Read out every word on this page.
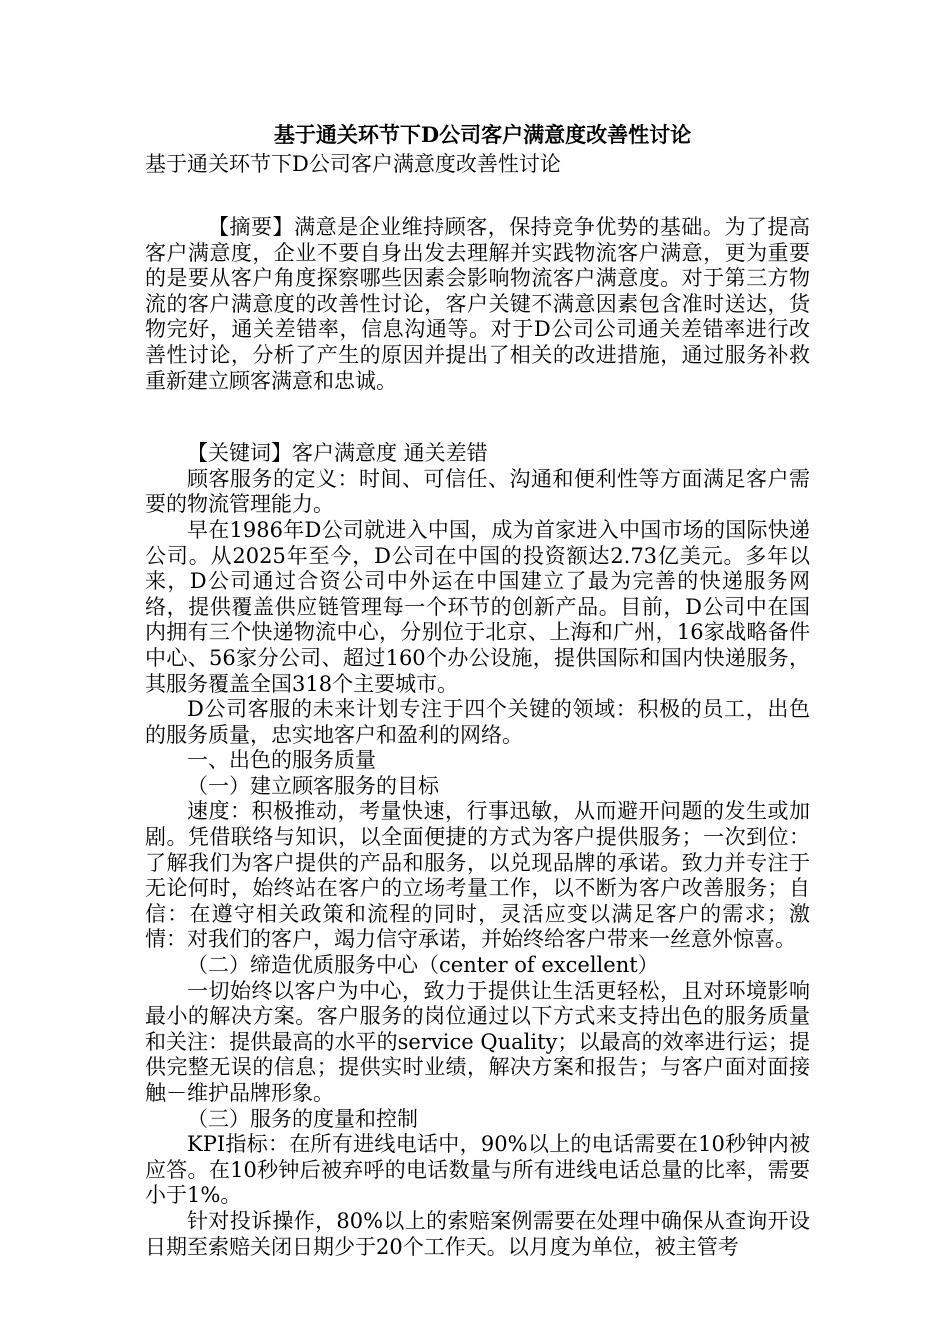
基于通关环节下D公司客户满意度改善性讨论

基于通关环节下D公司客户满意度改善性讨论

【摘要】满意是企业维持顾客，保持竞争优势的基础。为了提高客户满意度，企业不要自身出发去理解并实践物流客户满意，更为重要的是要从客户角度探察哪些因素会影响物流客户满意度。对于第三方物流的客户满意度的改善性讨论，客户关键不满意因素包含准时送达，货物完好，通关差错率，信息沟通等。对于D公司公司通关差错率进行改善性讨论，分析了产生的原因并提出了相关的改进措施，通过服务补救重新建立顾客满意和忠诚。

【关键词】客户满意度 通关差错

顾客服务的定义：时间、可信任、沟通和便利性等方面满足客户需要的物流管理能力。

早在1986年D公司就进入中国，成为首家进入中国市场的国际快递公司。从2025年至今，D公司在中国的投资额达2.73亿美元。多年以来，D公司通过合资公司中外运在中国建立了最为完善的快递服务网络，提供覆盖供应链管理每一个环节的创新产品。目前，D公司中在国内拥有三个快递物流中心，分别位于北京、上海和广州，16家战略备件中心、56家分公司、超过160个办公设施，提供国际和国内快递服务，其服务覆盖全国318个主要城市。

D公司客服的未来计划专注于四个关键的领域：积极的员工，出色的服务质量，忠实地客户和盈利的网络。

一、出色的服务质量

（一）建立顾客服务的目标

速度：积极推动，考量快速，行事迅敏，从而避开问题的发生或加剧。凭借联络与知识，以全面便捷的方式为客户提供服务；一次到位：了解我们为客户提供的产品和服务，以兑现品牌的承诺。致力并专注于无论何时，始终站在客户的立场考量工作，以不断为客户改善服务；自信：在遵守相关政策和流程的同时，灵活应变以满足客户的需求；激情：对我们的客户，竭力信守承诺，并始终给客户带来一丝意外惊喜。

（二）缔造优质服务中心（center of excellent）

一切始终以客户为中心，致力于提供让生活更轻松，且对环境影响最小的解决方案。客户服务的岗位通过以下方式来支持出色的服务质量和关注：提供最高的水平的service Quality；以最高的效率进行运；提供完整无误的信息；提供实时业绩，解决方案和报告；与客户面对面接触－维护品牌形象。

（三）服务的度量和控制

KPI指标：在所有进线电话中，90%以上的电话需要在10秒钟内被应答。在10秒钟后被弃呼的电话数量与所有进线电话总量的比率，需要小于1%。

针对投诉操作，80%以上的索赔案例需要在处理中确保从查询开设日期至索赔关闭日期少于20个工作天。以月度为单位，被主管考
